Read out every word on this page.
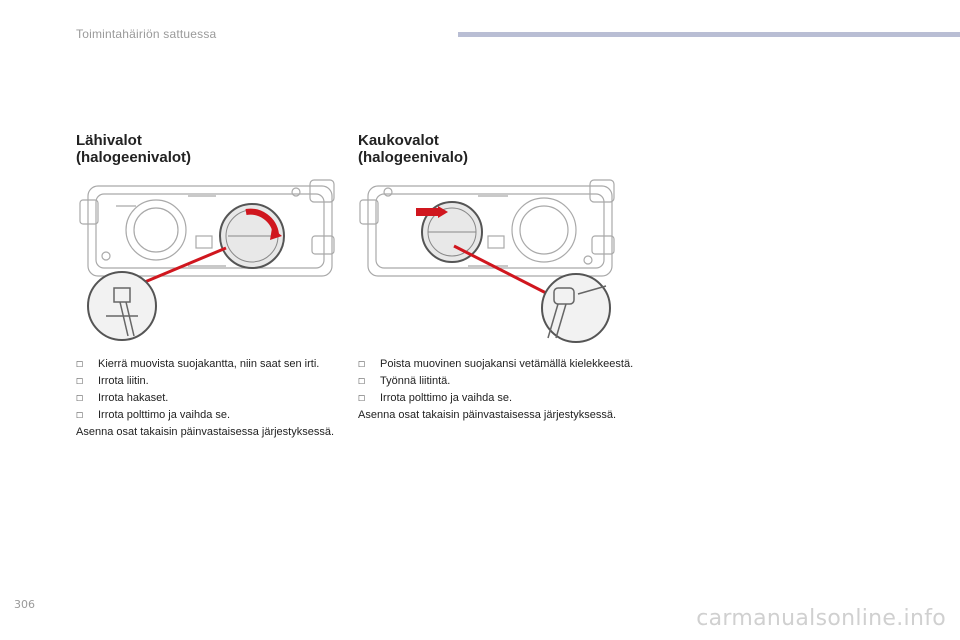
Toimintahäiriön sattuessa
Lähivalot
(halogeenivalot)
☐	Kierrä muovista suojakantta, niin saat sen irti.
☐	Irrota liitin.
☐	Irrota hakaset.
☐	Irrota polttimo ja vaihda se.
Asenna osat takaisin päinvastaisessa järjestyksessä.
Kaukovalot
(halogeenivalo)
☐	Poista muovinen suojakansi vetämällä kielekkeestä.
☐	Työnnä liitintä.
☐	Irrota polttimo ja vaihda se.
Asenna osat takaisin päinvastaisessa järjestyksessä.
306
carmanualsonline.info
